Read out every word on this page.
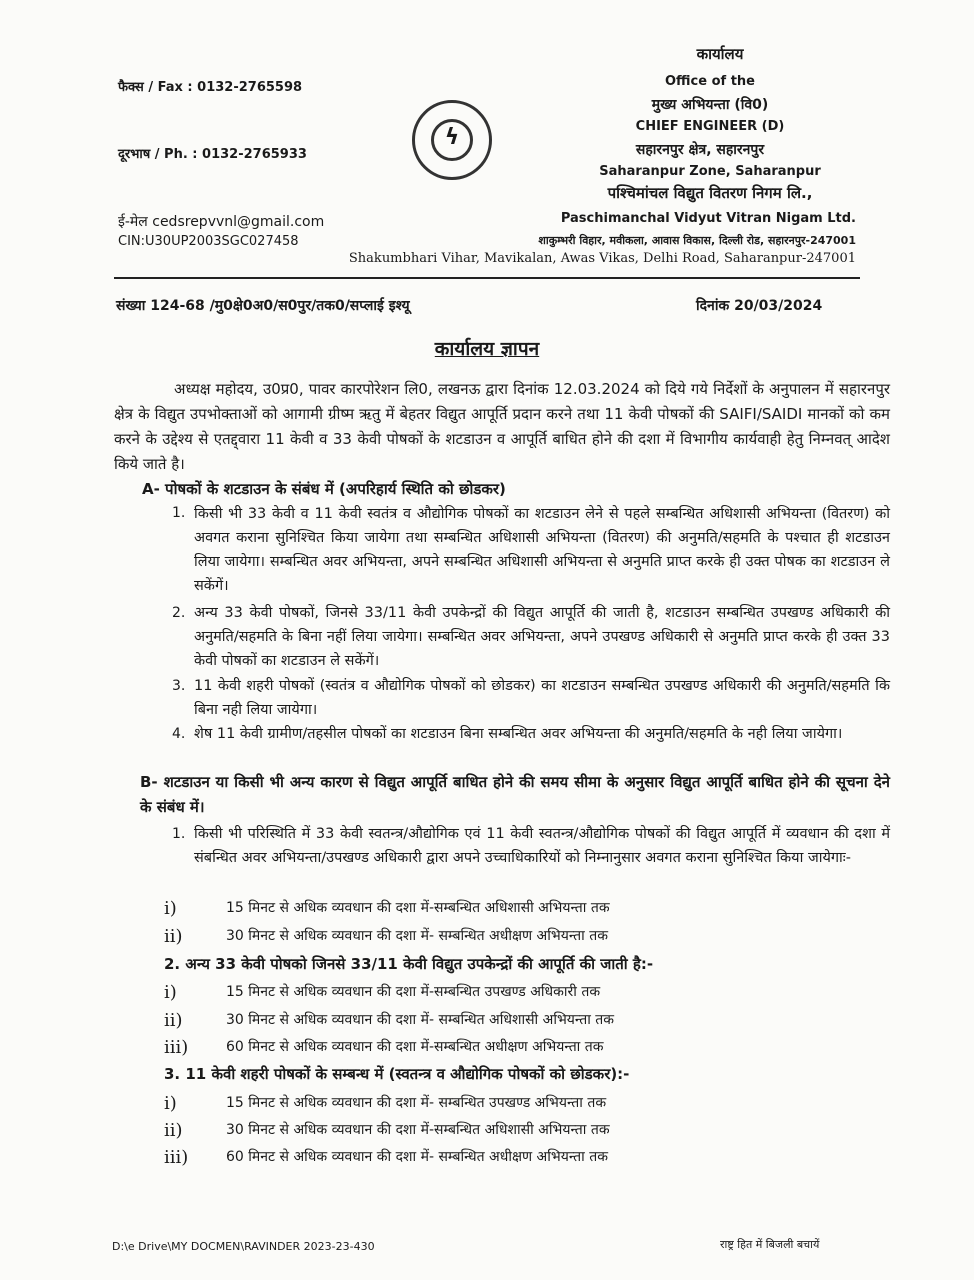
फैक्स / Fax : 0132-2765598
दूरभाष / Ph. : 0132-2765933
ई-मेल cedsrepvvnl@gmail.com
CIN:U30UP2003SGC027458
ϟ
कार्यालय
Office of the
मुख्य अभियन्ता (वि0)
CHIEF ENGINEER (D)
सहारनपुर क्षेत्र, सहारनपुर
Saharanpur Zone, Saharanpur
पश्चिमांचल विद्युत वितरण निगम लि.,
Paschimanchal Vidyut Vitran Nigam Ltd.
शाकुम्भरी विहार, मवीकला, आवास विकास, दिल्ली रोड, सहारनपुर-247001
Shakumbhari Vihar, Mavikalan, Awas Vikas, Delhi Road, Saharanpur-247001
संख्या 124-68 /मु0क्षे0अ0/स0पुर/तक0/सप्लाई इश्यू	दिनांक 20/03/2024
कार्यालय ज्ञापन
अध्यक्ष महोदय, उ0प्र0, पावर कारपोरेशन लि0, लखनऊ द्वारा दिनांक 12.03.2024 को दिये गये निर्देशों के अनुपालन में सहारनपुर क्षेत्र के विद्युत उपभोक्ताओं को आगामी ग्रीष्म ऋतु में बेहतर विद्युत आपूर्ति प्रदान करने तथा 11 केवी पोषकों की SAIFI/SAIDI मानकों को कम करने के उद्देश्य से एतद्द्वारा 11 केवी व 33 केवी पोषकों के शटडाउन व आपूर्ति बाधित होने की दशा में विभागीय कार्यवाही हेतु निम्नवत् आदेश किये जाते है।
A- पोषकों के शटडाउन के संबंध में (अपरिहार्य स्थिति को छोडकर)
1. किसी भी 33 केवी व 11 केवी स्वतंत्र व औद्योगिक पोषकों का शटडाउन लेने से पहले सम्बन्धित अधिशासी अभियन्ता (वितरण) को अवगत कराना सुनिश्चित किया जायेगा तथा सम्बन्धित अधिशासी अभियन्ता (वितरण) की अनुमति/सहमति के पश्चात ही शटडाउन लिया जायेगा। सम्बन्धित अवर अभियन्ता, अपने सम्बन्धित अधिशासी अभियन्ता से अनुमति प्राप्त करके ही उक्त पोषक का शटडाउन ले सकेंगें।
2. अन्य 33 केवी पोषकों, जिनसे 33/11 केवी उपकेन्द्रों की विद्युत आपूर्ति की जाती है, शटडाउन सम्बन्धित उपखण्ड अधिकारी की अनुमति/सहमति के बिना नहीं लिया जायेगा। सम्बन्धित अवर अभियन्ता, अपने उपखण्ड अधिकारी से अनुमति प्राप्त करके ही उक्त 33 केवी पोषकों का शटडाउन ले सकेंगें।
3. 11 केवी शहरी पोषकों (स्वतंत्र व औद्योगिक पोषकों को छोडकर) का शटडाउन सम्बन्धित उपखण्ड अधिकारी की अनुमति/सहमति कि बिना नही लिया जायेगा।
4. शेष 11 केवी ग्रामीण/तहसील पोषकों का शटडाउन बिना सम्बन्धित अवर अभियन्ता की अनुमति/सहमति के नही लिया जायेगा।
B- शटडाउन या किसी भी अन्य कारण से विद्युत आपूर्ति बाधित होने की समय सीमा के अनुसार विद्युत आपूर्ति बाधित होने की सूचना देने के संबंध में।
1. किसी भी परिस्थिति में 33 केवी स्वतन्त्र/औद्योगिक एवं 11 केवी स्वतन्त्र/औद्योगिक पोषकों की विद्युत आपूर्ति में व्यवधान की दशा में संबन्धित अवर अभियन्ता/उपखण्ड अधिकारी द्वारा अपने उच्चाधिकारियों को निम्नानुसार अवगत कराना सुनिश्चित किया जायेगाः-
i)	15 मिनट से अधिक व्यवधान की दशा में-सम्बन्धित अधिशासी अभियन्ता तक
ii)	30 मिनट से अधिक व्यवधान की दशा में- सम्बन्धित अधीक्षण अभियन्ता तक
2. अन्य 33 केवी पोषको जिनसे 33/11 केवी विद्युत उपकेन्द्रों की आपूर्ति की जाती है:-
i)	15 मिनट से अधिक व्यवधान की दशा में-सम्बन्धित उपखण्ड अधिकारी तक
ii)	30 मिनट से अधिक व्यवधान की दशा में- सम्बन्धित अधिशासी अभियन्ता तक
iii)	60 मिनट से अधिक व्यवधान की दशा में-सम्बन्धित अधीक्षण अभियन्ता तक
3. 11 केवी शहरी पोषकों के सम्बन्ध में (स्वतन्त्र व औद्योगिक पोषकों को छोडकर):-
i)	15 मिनट से अधिक व्यवधान की दशा में- सम्बन्धित उपखण्ड अभियन्ता तक
ii)	30 मिनट से अधिक व्यवधान की दशा में-सम्बन्धित अधिशासी अभियन्ता तक
iii)	60 मिनट से अधिक व्यवधान की दशा में- सम्बन्धित अधीक्षण अभियन्ता तक
D:\e Drive\MY DOCMEN\RAVINDER 2023-23-430	राष्ट्र हित में बिजली बचायें
